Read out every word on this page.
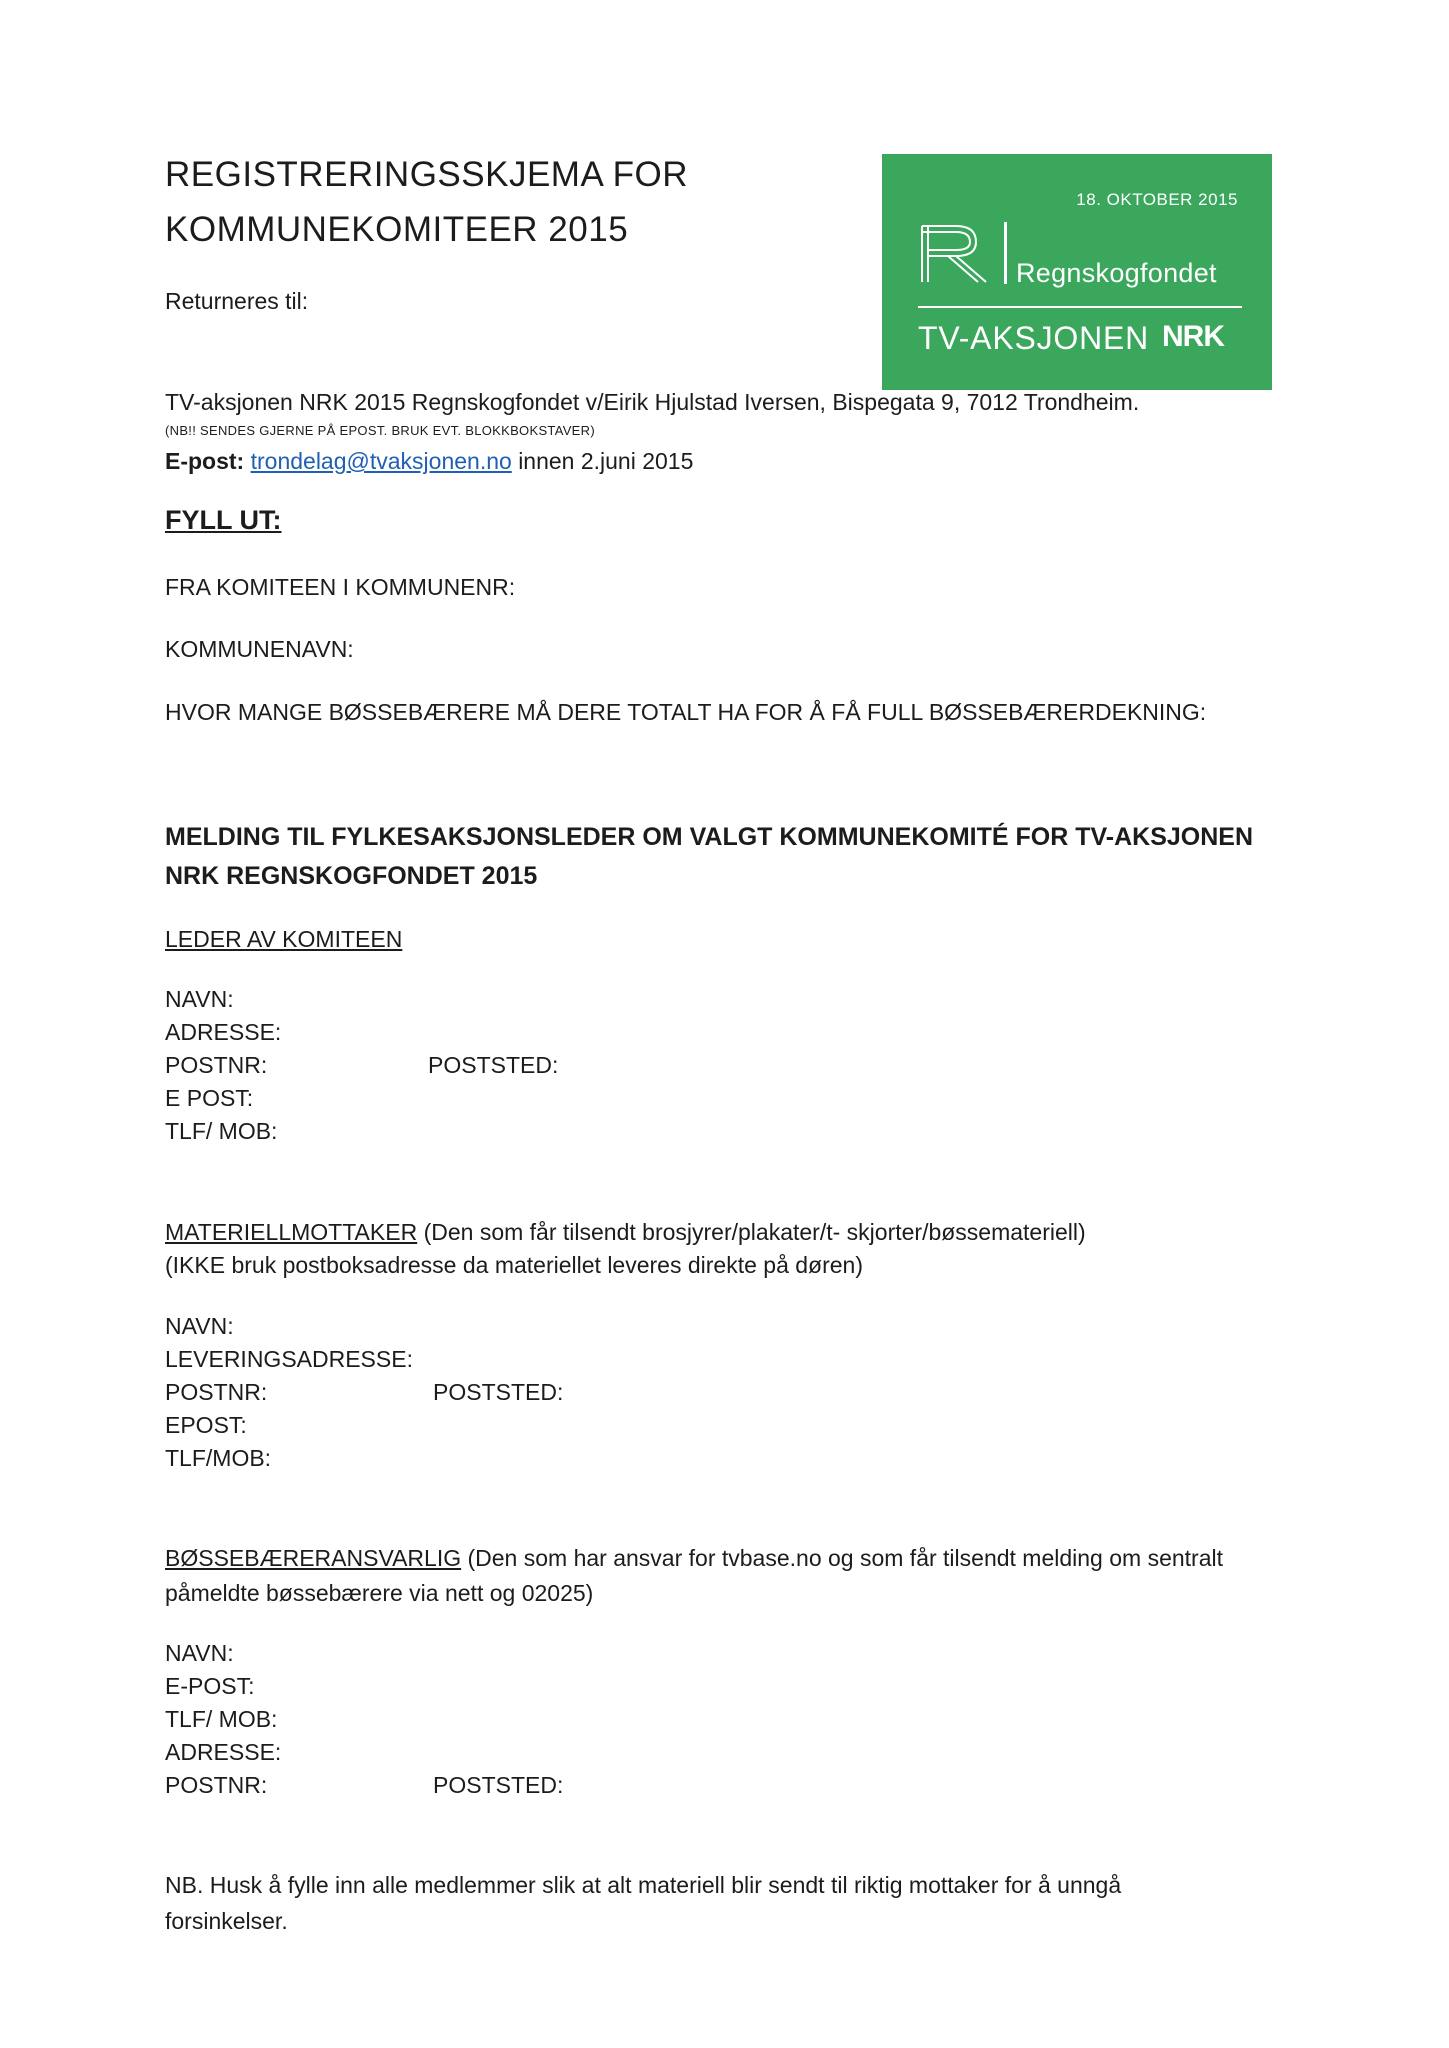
REGISTRERINGSSKJEMA FOR
KOMMUNEKOMITEER 2015
Returneres til:
18. OKTOBER 2015
Regnskogfondet
TV-AKSJONEN NRK
TV-aksjonen NRK 2015 Regnskogfondet v/Eirik Hjulstad Iversen, Bispegata 9, 7012 Trondheim.
(NB!! SENDES GJERNE PÅ EPOST. BRUK EVT. BLOKKBOKSTAVER)
E-post: trondelag@tvaksjonen.no innen 2.juni 2015
FYLL UT:
FRA KOMITEEN I KOMMUNENR:
KOMMUNENAVN:
HVOR MANGE BØSSEBÆRERE MÅ DERE TOTALT HA FOR Å FÅ FULL BØSSEBÆRERDEKNING:
MELDING TIL FYLKESAKSJONSLEDER OM VALGT KOMMUNEKOMITÉ FOR TV-AKSJONEN
NRK REGNSKOGFONDET 2015
LEDER AV KOMITEEN
NAVN:
ADRESSE:
POSTNR:	POSTSTED:
E POST:
TLF/ MOB:
MATERIELLMOTTAKER (Den som får tilsendt brosjyrer/plakater/t- skjorter/bøssemateriell)
(IKKE bruk postboksadresse da materiellet leveres direkte på døren)
NAVN:
LEVERINGSADRESSE:
POSTNR:	POSTSTED:
EPOST:
TLF/MOB:
BØSSEBÆRERANSVARLIG (Den som har ansvar for tvbase.no og som får tilsendt melding om sentralt
påmeldte bøssebærere via nett og 02025)
NAVN:
E-POST:
TLF/ MOB:
ADRESSE:
POSTNR:	POSTSTED:
NB. Husk å fylle inn alle medlemmer slik at alt materiell blir sendt til riktig mottaker for å unngå
forsinkelser.
